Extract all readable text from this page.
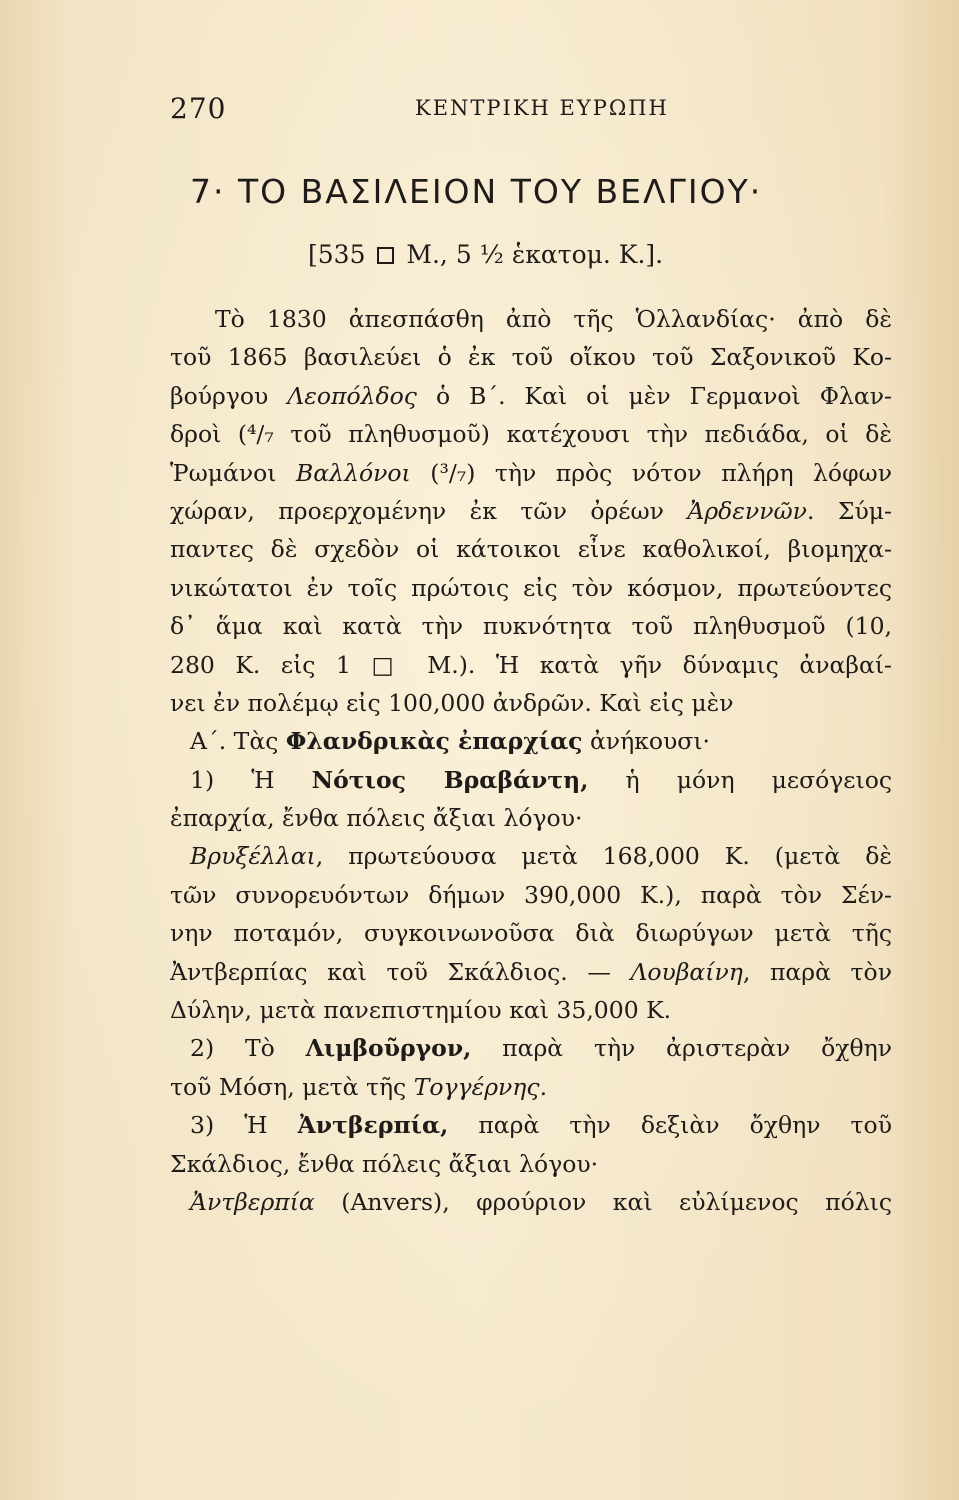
270	ΚΕΝΤΡΙΚΗ ΕΥΡΩΠΗ
7· ΤΟ ΒΑΣΙΛΕΙΟΝ ΤΟΥ ΒΕΛΓΙΟΥ·
[535 M., 5 ½ ἑκατομ. K.].
Τὸ 1830 ἀπεσπάσθη ἀπὸ τῆς Ὁλλανδίας· ἀπὸ δὲ
τοῦ 1865 βασιλεύει ὁ ἐκ τοῦ οἴκου τοῦ Σαξονικοῦ Κο-
βούργου Λεοπόλδος ὁ Β΄. Καὶ οἱ μὲν Γερμανοὶ Φλαν-
δροὶ (⁴/₇ τοῦ πληθυσμοῦ) κατέχουσι τὴν πεδιάδα, οἱ δὲ
Ῥωμάνοι Βαλλόνοι (³/₇) τὴν πρὸς νότον πλήρη λόφων
χώραν, προερχομένην ἐκ τῶν ὀρέων Ἀρδεννῶν. Σύμ-
παντες δὲ σχεδὸν οἱ κάτοικοι εἶνε καθολικοί, βιομηχα-
νικώτατοι ἐν τοῖς πρώτοις εἰς τὸν κόσμον, πρωτεύοντες
δ᾽ ἅμα καὶ κατὰ τὴν πυκνότητα τοῦ πληθυσμοῦ (10,
280 Κ. εἰς 1 □ Μ.). Ἡ κατὰ γῆν δύναμις ἀναβαί-
νει ἐν πολέμῳ εἰς 100,000 ἀνδρῶν. Καὶ εἰς μὲν
Α΄. Τὰς Φλανδρικὰς ἐπαρχίας ἀνήκουσι·
1) Ἡ Νότιος Βραβάντη, ἡ μόνη μεσόγειος
ἐπαρχία, ἔνθα πόλεις ἄξιαι λόγου·
Βρυξέλλαι, πρωτεύουσα μετὰ 168,000 Κ. (μετὰ δὲ
τῶν συνορευόντων δήμων 390,000 Κ.), παρὰ τὸν Σέν-
νην ποταμόν, συγκοινωνοῦσα διὰ διωρύγων μετὰ τῆς
Ἀντβερπίας καὶ τοῦ Σκάλδιος. — Λουβαίνη, παρὰ τὸν
Δύλην, μετὰ πανεπιστημίου καὶ 35,000 Κ.
2) Τὸ Λιμβοῦργον, παρὰ τὴν ἀριστερὰν ὄχθην
τοῦ Μόση, μετὰ τῆς Τογγέρνης.
3) Ἡ Ἀντβερπία, παρὰ τὴν δεξιὰν ὄχθην τοῦ
Σκάλδιος, ἔνθα πόλεις ἄξιαι λόγου·
Ἀντβερπία (Anvers), φρούριον καὶ εὐλίμενος πόλις
